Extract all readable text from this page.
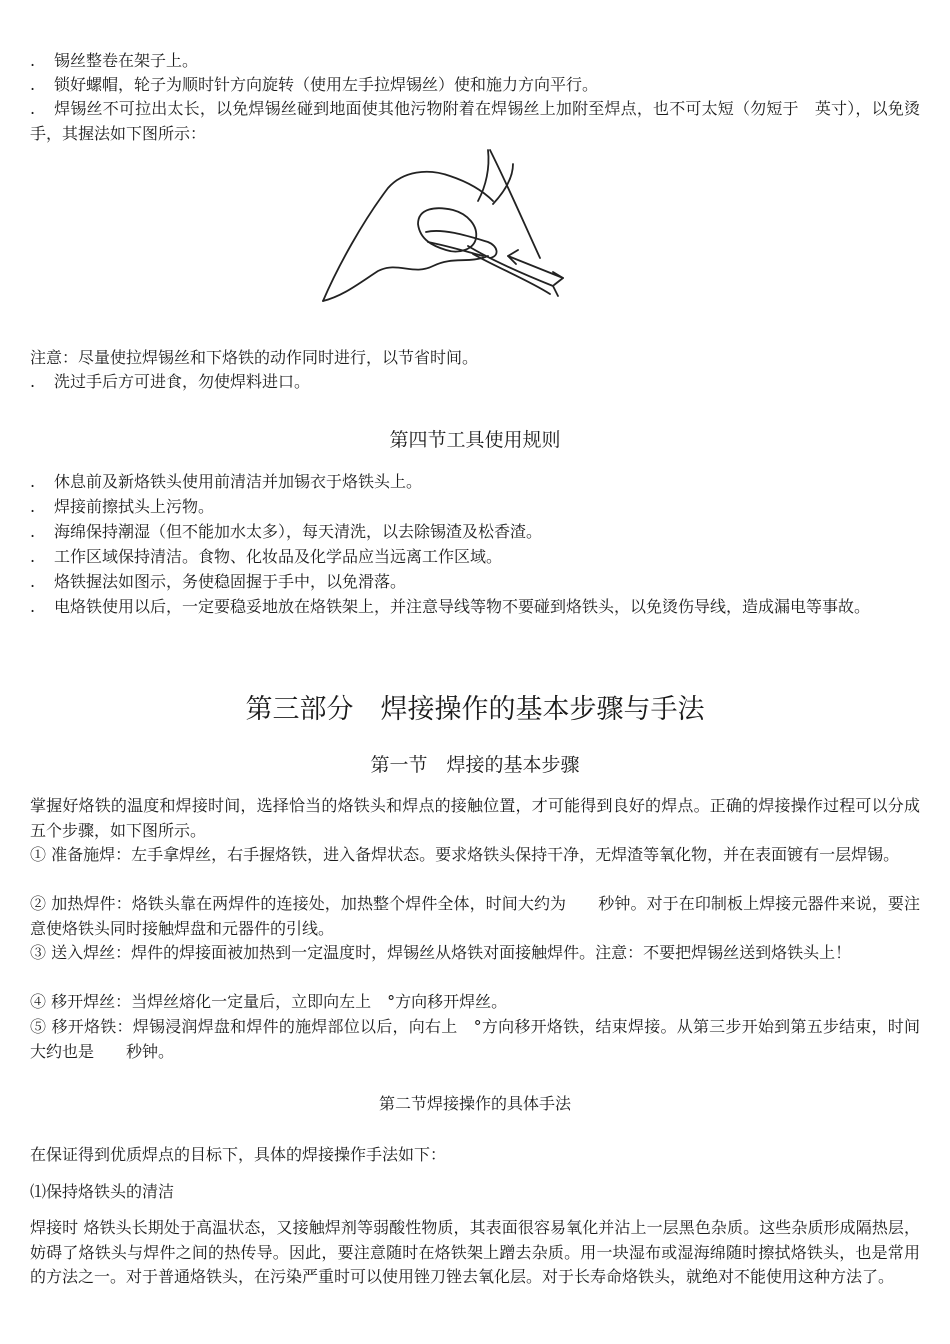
. 锡丝整卷在架子上。
. 锁好螺帽，轮子为顺时针方向旋转（使用左手拉焊锡丝）使和施力方向平行。
. 焊锡丝不可拉出太长，以免焊锡丝碰到地面使其他污物附着在焊锡丝上加附至焊点，也不可太短（勿短于　英寸），以免烫手，其握法如下图所示：
注意：尽量使拉焊锡丝和下烙铁的动作同时进行，以节省时间。
. 洗过手后方可进食，勿使焊料进口。
第四节工具使用规则
. 休息前及新烙铁头使用前清洁并加锡衣于烙铁头上。
. 焊接前擦拭头上污物。
. 海绵保持潮湿（但不能加水太多），每天清洗，以去除锡渣及松香渣。
. 工作区域保持清洁。食物、化妆品及化学品应当远离工作区域。
. 烙铁握法如图示，务使稳固握于手中，以免滑落。
. 电烙铁使用以后，一定要稳妥地放在烙铁架上，并注意导线等物不要碰到烙铁头，以免烫伤导线，造成漏电等事故。
第三部分　焊接操作的基本步骤与手法
第一节　焊接的基本步骤
掌握好烙铁的温度和焊接时间，选择恰当的烙铁头和焊点的接触位置，才可能得到良好的焊点。正确的焊接操作过程可以分成五个步骤，如下图所示。
① 准备施焊：左手拿焊丝，右手握烙铁，进入备焊状态。要求烙铁头保持干净，无焊渣等氧化物，并在表面镀有一层焊锡。
② 加热焊件：烙铁头靠在两焊件的连接处，加热整个焊件全体，时间大约为　　秒钟。对于在印制板上焊接元器件来说，要注意使烙铁头同时接触焊盘和元器件的引线。
③ 送入焊丝：焊件的焊接面被加热到一定温度时，焊锡丝从烙铁对面接触焊件。注意：不要把焊锡丝送到烙铁头上！
④ 移开焊丝：当焊丝熔化一定量后，立即向左上　°方向移开焊丝。
⑤ 移开烙铁：焊锡浸润焊盘和焊件的施焊部位以后，向右上　°方向移开烙铁，结束焊接。从第三步开始到第五步结束，时间大约也是　　秒钟。
第二节焊接操作的具体手法
在保证得到优质焊点的目标下，具体的焊接操作手法如下：
⑴保持烙铁头的清洁
焊接时 烙铁头长期处于高温状态，又接触焊剂等弱酸性物质，其表面很容易氧化并沾上一层黑色杂质。这些杂质形成隔热层，妨碍了烙铁头与焊件之间的热传导。因此，要注意随时在烙铁架上蹭去杂质。用一块湿布或湿海绵随时擦拭烙铁头，也是常用的方法之一。对于普通烙铁头，在污染严重时可以使用锉刀锉去氧化层。对于长寿命烙铁头，就绝对不能使用这种方法了。
